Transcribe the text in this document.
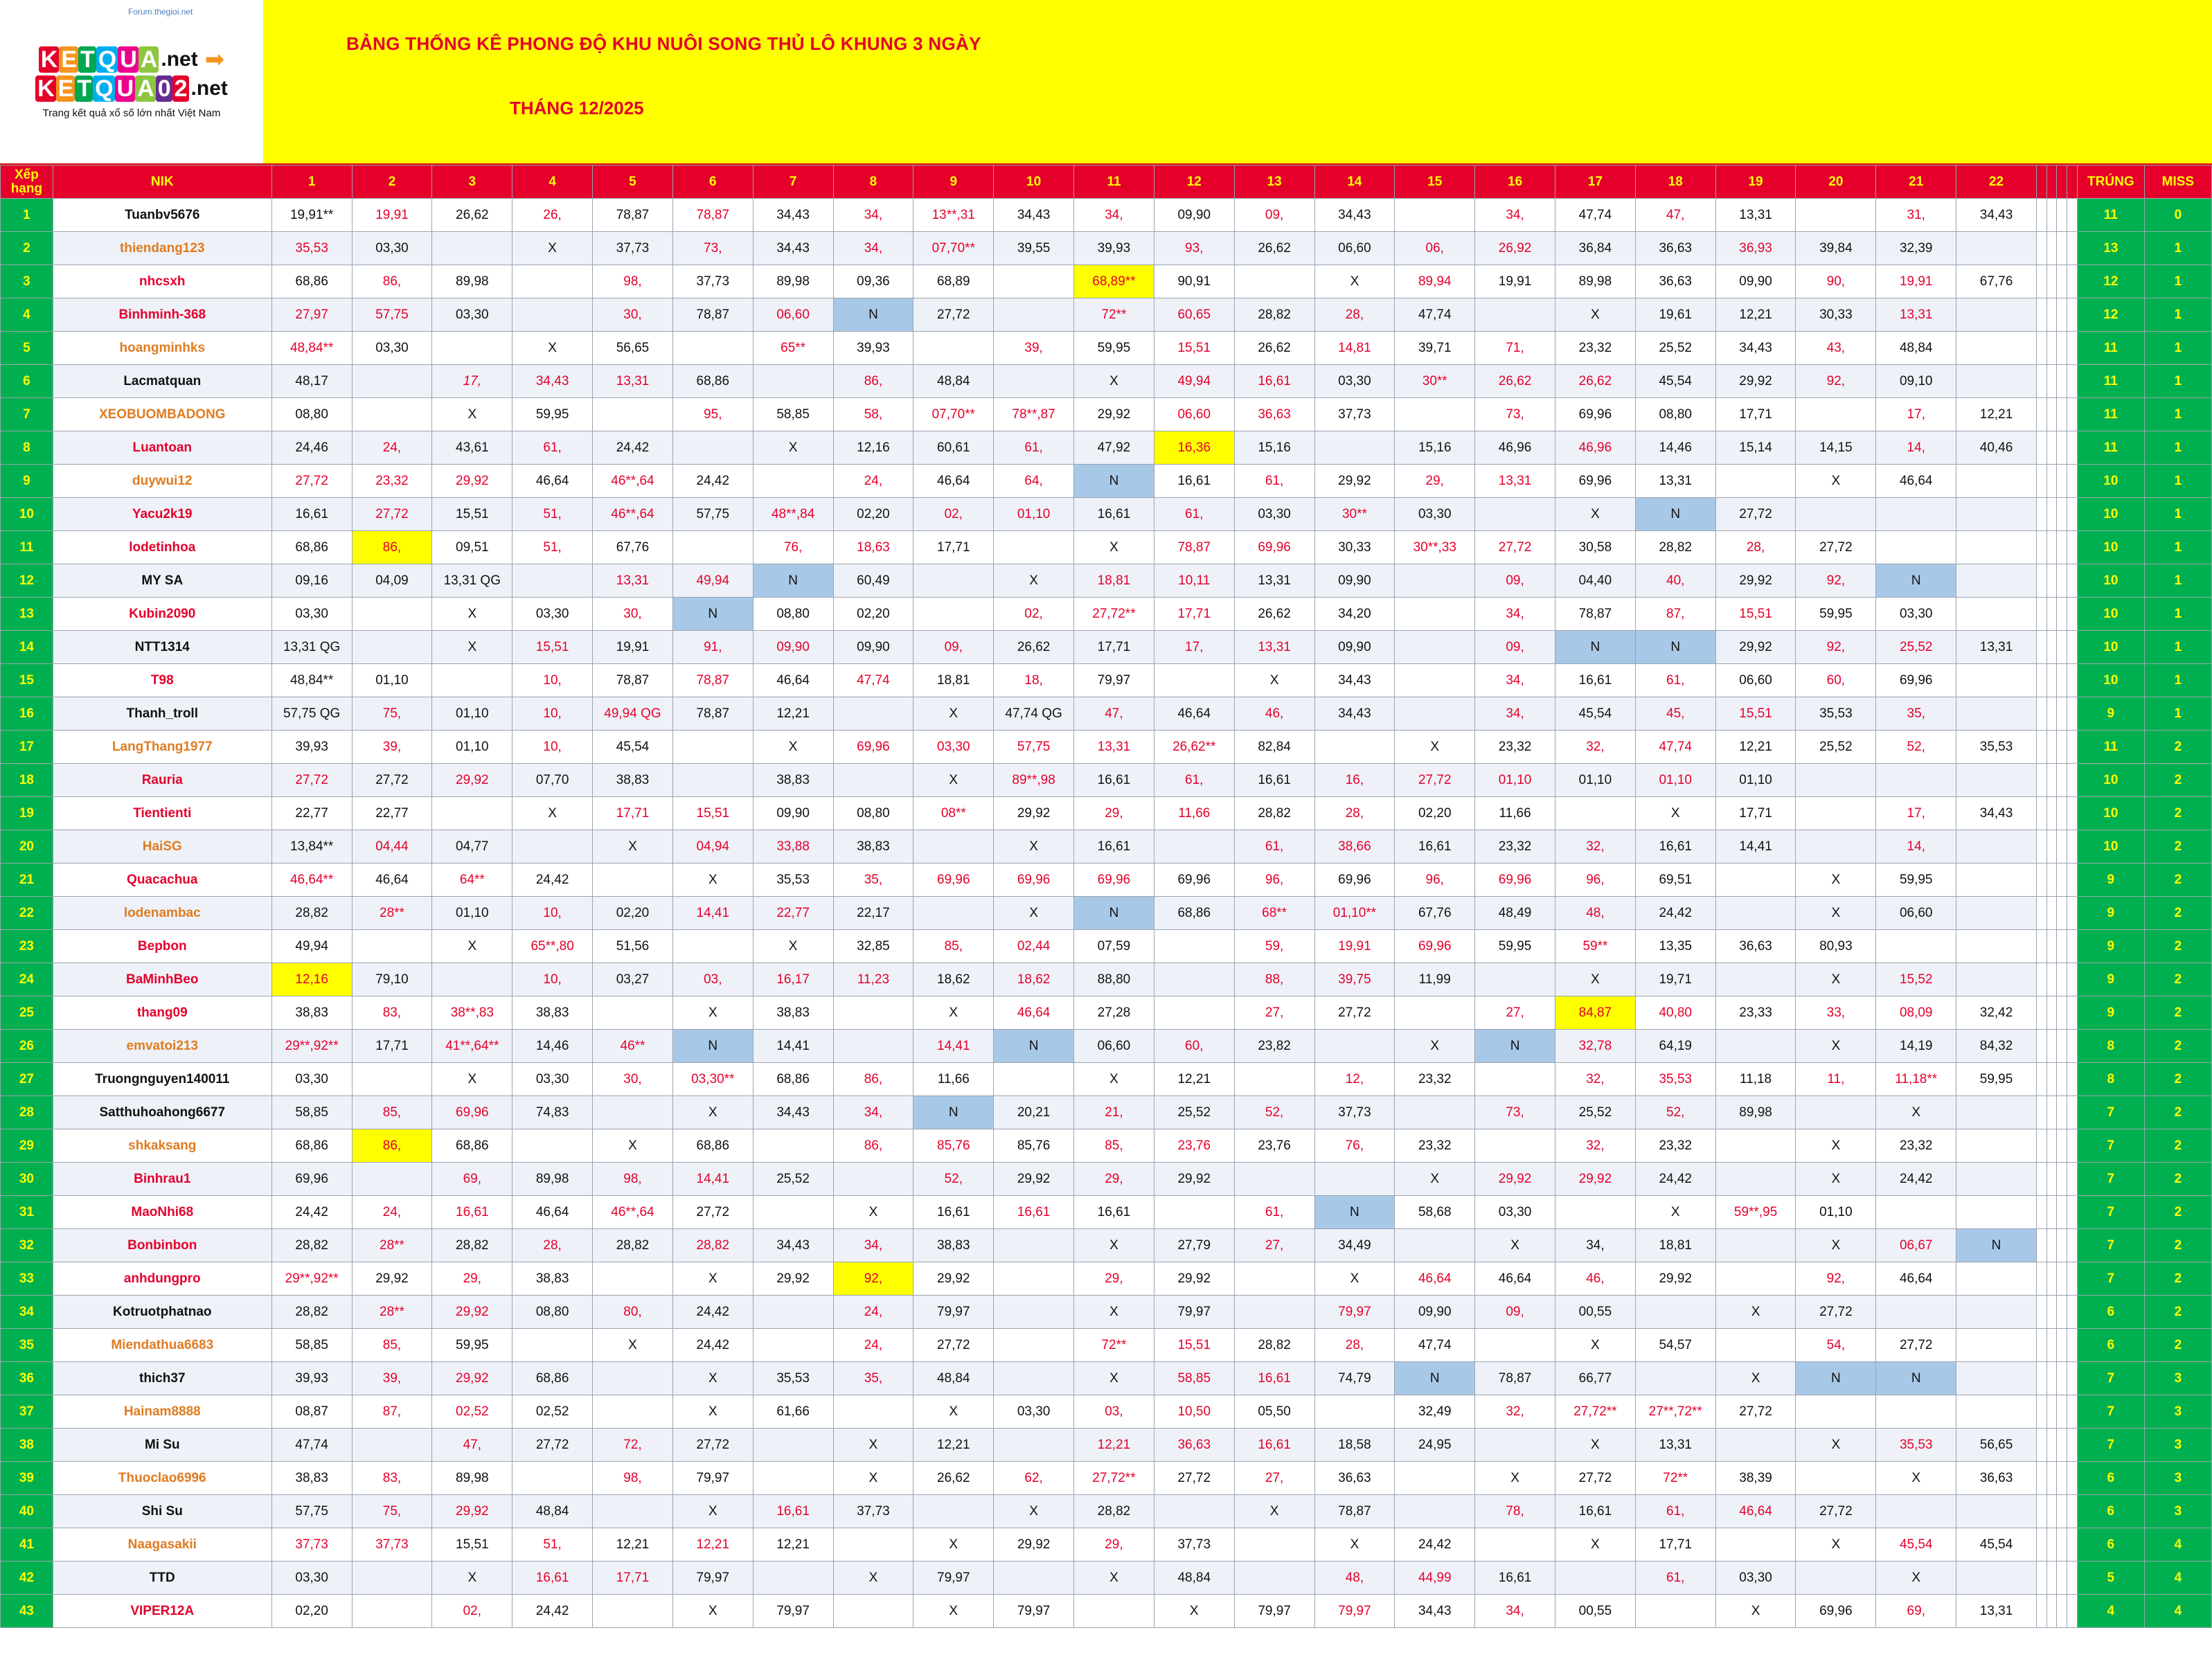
Forum.thegioi.net
K E T Q U A .net ➡
K E T Q U A 0 2 .net
Trang kết quả xổ số lớn nhất Việt Nam
BẢNG THỐNG KÊ PHONG ĐỘ KHU NUÔI SONG THỦ LÔ KHUNG 3 NGÀY
THÁNG 12/2025
Xếp
hạng	NIK	1	2	3	4	5	6	7	8	9	10	11	12	13	14	15	16	17	18	19	20	21	22					TRÚNG	MISS
1	Tuanbv5676	19,91**	19,91	26,62	26,	78,87	78,87	34,43	34,	13**,31	34,43	34,	09,90	09,	34,43		34,	47,74	47,	13,31		31,	34,43					11	0
2	thiendang123	35,53	03,30		X	37,73	73,	34,43	34,	07,70**	39,55	39,93	93,	26,62	06,60	06,	26,92	36,84	36,63	36,93	39,84	32,39						13	1
3	nhcsxh	68,86	86,	89,98		98,	37,73	89,98	09,36	68,89		68,89**	90,91		X	89,94	19,91	89,98	36,63	09,90	90,	19,91	67,76					12	1
4	Binhminh-368	27,97	57,75	03,30		30,	78,87	06,60	N	27,72		72**	60,65	28,82	28,	47,74		X	19,61	12,21	30,33	13,31						12	1
5	hoangminhks	48,84**	03,30		X	56,65		65**	39,93		39,	59,95	15,51	26,62	14,81	39,71	71,	23,32	25,52	34,43	43,	48,84						11	1
6	Lacmatquan	48,17		17,	34,43	13,31	68,86		86,	48,84		X	49,94	16,61	03,30	30**	26,62	26,62	45,54	29,92	92,	09,10						11	1
7	XEOBUOMBADONG	08,80		X	59,95		95,	58,85	58,	07,70**	78**,87	29,92	06,60	36,63	37,73		73,	69,96	08,80	17,71		17,	12,21					11	1
8	Luantoan	24,46	24,	43,61	61,	24,42		X	12,16	60,61	61,	47,92	16,36	15,16		15,16	46,96	46,96	14,46	15,14	14,15	14,	40,46					11	1
9	duywui12	27,72	23,32	29,92	46,64	46**,64	24,42		24,	46,64	64,	N	16,61	61,	29,92	29,	13,31	69,96	13,31		X	46,64						10	1
10	Yacu2k19	16,61	27,72	15,51	51,	46**,64	57,75	48**,84	02,20	02,	01,10	16,61	61,	03,30	30**	03,30		X	N	27,72								10	1
11	lodetinhoa	68,86	86,	09,51	51,	67,76		76,	18,63	17,71		X	78,87	69,96	30,33	30**,33	27,72	30,58	28,82	28,	27,72							10	1
12	MY SA	09,16	04,09	13,31 QG		13,31	49,94	N	60,49		X	18,81	10,11	13,31	09,90		09,	04,40	40,	29,92	92,	N						10	1
13	Kubin2090	03,30		X	03,30	30,	N	08,80	02,20		02,	27,72**	17,71	26,62	34,20		34,	78,87	87,	15,51	59,95	03,30						10	1
14	NTT1314	13,31 QG		X	15,51	19,91	91,	09,90	09,90	09,	26,62	17,71	17,	13,31	09,90		09,	N	N	29,92	92,	25,52	13,31					10	1
15	T98	48,84**	01,10		10,	78,87	78,87	46,64	47,74	18,81	18,	79,97		X	34,43		34,	16,61	61,	06,60	60,	69,96						10	1
16	Thanh_troll	57,75 QG	75,	01,10	10,	49,94 QG	78,87	12,21		X	47,74 QG	47,	46,64	46,	34,43		34,	45,54	45,	15,51	35,53	35,						9	1
17	LangThang1977	39,93	39,	01,10	10,	45,54		X	69,96	03,30	57,75	13,31	26,62**	82,84		X	23,32	32,	47,74	12,21	25,52	52,	35,53					11	2
18	Rauria	27,72	27,72	29,92	07,70	38,83		38,83		X	89**,98	16,61	61,	16,61	16,	27,72	01,10	01,10	01,10	01,10								10	2
19	Tientienti	22,77	22,77		X	17,71	15,51	09,90	08,80	08**	29,92	29,	11,66	28,82	28,	02,20	11,66		X	17,71		17,	34,43					10	2
20	HaiSG	13,84**	04,44	04,77		X	04,94	33,88	38,83		X	16,61		61,	38,66	16,61	23,32	32,	16,61	14,41		14,						10	2
21	Quacachua	46,64**	46,64	64**	24,42		X	35,53	35,	69,96	69,96	69,96	69,96	96,	69,96	96,	69,96	96,	69,51		X	59,95						9	2
22	lodenambac	28,82	28**	01,10	10,	02,20	14,41	22,77	22,17		X	N	68,86	68**	01,10**	67,76	48,49	48,	24,42		X	06,60						9	2
23	Bepbon	49,94		X	65**,80	51,56		X	32,85	85,	02,44	07,59		59,	19,91	69,96	59,95	59**	13,35	36,63	80,93							9	2
24	BaMinhBeo	12,16	79,10		10,	03,27	03,	16,17	11,23	18,62	18,62	88,80		88,	39,75	11,99		X	19,71		X	15,52						9	2
25	thang09	38,83	83,	38**,83	38,83		X	38,83		X	46,64	27,28		27,	27,72		27,	84,87	40,80	23,33	33,	08,09	32,42					9	2
26	emvatoi213	29**,92**	17,71	41**,64**	14,46	46**	N	14,41		14,41	N	06,60	60,	23,82		X	N	32,78	64,19		X	14,19	84,32					8	2
27	Truongnguyen140011	03,30		X	03,30	30,	03,30**	68,86	86,	11,66		X	12,21		12,	23,32		32,	35,53	11,18	11,	11,18**	59,95					8	2
28	Satthuhoahong6677	58,85	85,	69,96	74,83		X	34,43	34,	N	20,21	21,	25,52	52,	37,73		73,	25,52	52,	89,98		X						7	2
29	shkaksang	68,86	86,	68,86		X	68,86		86,	85,76	85,76	85,	23,76	23,76	76,	23,32		32,	23,32		X	23,32						7	2
30	Binhrau1	69,96		69,	89,98	98,	14,41	25,52		52,	29,92	29,	29,92			X	29,92	29,92	24,42		X	24,42						7	2
31	MaoNhi68	24,42	24,	16,61	46,64	46**,64	27,72		X	16,61	16,61	16,61		61,	N	58,68	03,30		X	59**,95	01,10							7	2
32	Bonbinbon	28,82	28**	28,82	28,	28,82	28,82	34,43	34,	38,83		X	27,79	27,	34,49		X	34,	18,81		X	06,67	N					7	2
33	anhdungpro	29**,92**	29,92	29,	38,83		X	29,92	92,	29,92		29,	29,92		X	46,64	46,64	46,	29,92		92,	46,64						7	2
34	Kotruotphatnao	28,82	28**	29,92	08,80	80,	24,42		24,	79,97		X	79,97		79,97	09,90	09,	00,55		X	27,72							6	2
35	Miendathua6683	58,85	85,	59,95		X	24,42		24,	27,72		72**	15,51	28,82	28,	47,74		X	54,57		54,	27,72						6	2
36	thich37	39,93	39,	29,92	68,86		X	35,53	35,	48,84		X	58,85	16,61	74,79	N	78,87	66,77		X	N	N						7	3
37	Hainam8888	08,87	87,	02,52	02,52		X	61,66		X	03,30	03,	10,50	05,50		32,49	32,	27,72**	27**,72**	27,72								7	3
38	Mi Su	47,74		47,	27,72	72,	27,72		X	12,21		12,21	36,63	16,61	18,58	24,95		X	13,31		X	35,53	56,65					7	3
39	Thuoclao6996	38,83	83,	89,98		98,	79,97		X	26,62	62,	27,72**	27,72	27,	36,63		X	27,72	72**	38,39		X	36,63					6	3
40	Shi Su	57,75	75,	29,92	48,84		X	16,61	37,73		X	28,82		X	78,87		78,	16,61	61,	46,64	27,72							6	3
41	Naagasakii	37,73	37,73	15,51	51,	12,21	12,21	12,21		X	29,92	29,	37,73		X	24,42		X	17,71		X	45,54	45,54					6	4
42	TTD	03,30		X	16,61	17,71	79,97		X	79,97		X	48,84		48,	44,99	16,61		61,	03,30		X						5	4
43	VIPER12A	02,20		02,	24,42		X	79,97		X	79,97		X	79,97	79,97	34,43	34,	00,55		X	69,96	69,	13,31					4	4
